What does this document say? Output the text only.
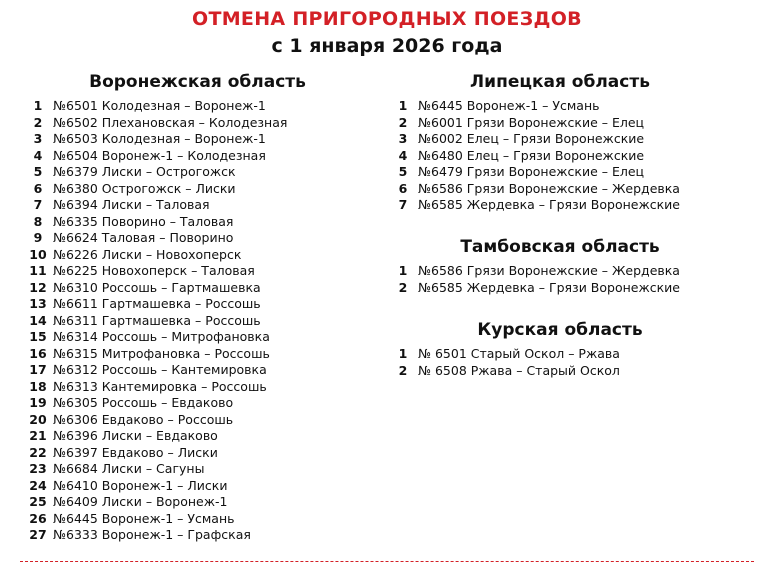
ОТМЕНА ПРИГОРОДНЫХ ПОЕЗДОВ
с 1 января 2026 года
Воронежская область
1 №6501 Колодезная – Воронеж-1
2 №6502 Плехановская – Колодезная
3 №6503 Колодезная – Воронеж-1
4 №6504 Воронеж-1 – Колодезная
5 №6379 Лиски – Острогожск
6 №6380 Острогожск – Лиски
7 №6394 Лиски – Таловая
8 №6335 Поворино – Таловая
9 №6624 Таловая – Поворино
10 №6226 Лиски – Новохоперск
11 №6225 Новохоперск – Таловая
12 №6310 Россошь – Гартмашевка
13 №6611 Гартмашевка – Россошь
14 №6311 Гартмашевка – Россошь
15 №6314 Россошь – Митрофановка
16 №6315 Митрофановка – Россошь
17 №6312 Россошь – Кантемировка
18 №6313 Кантемировка – Россошь
19 №6305 Россошь – Евдаково
20 №6306 Евдаково – Россошь
21 №6396 Лиски – Евдаково
22 №6397 Евдаково – Лиски
23 №6684 Лиски – Сагуны
24 №6410 Воронеж-1 – Лиски
25 №6409 Лиски – Воронеж-1
26 №6445 Воронеж-1 – Усмань
27 №6333 Воронеж-1 – Графская
Липецкая область
1 №6445 Воронеж-1 – Усмань
2 №6001 Грязи Воронежские – Елец
3 №6002 Елец – Грязи Воронежские
4 №6480 Елец – Грязи Воронежские
5 №6479 Грязи Воронежские – Елец
6 №6586 Грязи Воронежские – Жердевка
7 №6585 Жердевка – Грязи Воронежские
Тамбовская область
1 №6586 Грязи Воронежские – Жердевка
2 №6585 Жердевка – Грязи Воронежские
Курская область
1 № 6501 Старый Оскол – Ржава
2 № 6508 Ржава – Старый Оскол
